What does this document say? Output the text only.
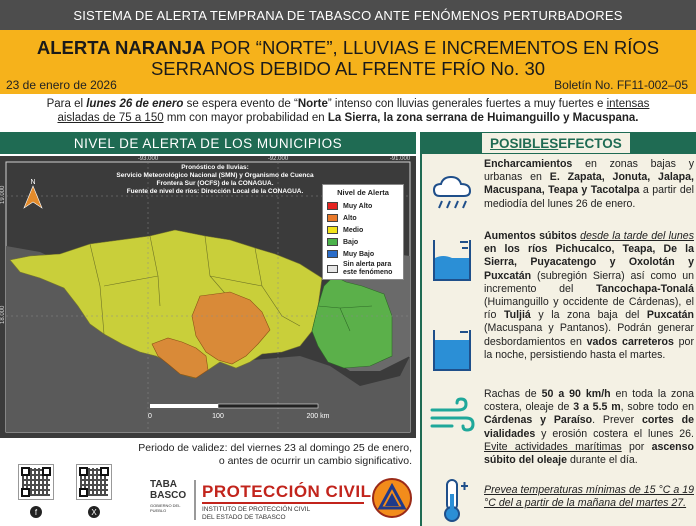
SISTEMA DE ALERTA TEMPRANA DE TABASCO ANTE FENÓMENOS PERTURBADORES
ALERTA NARANJA POR “NORTE”, LLUVIAS E INCREMENTOS EN RÍOS
SERRANOS DEBIDO AL FRENTE FRÍO No. 30
23 de enero de 2026	Boletín No. FF11-002–05
Para el lunes 26 de enero se espera evento de “Norte” intenso con lluvias generales fuertes a muy fuertes e intensas
aisladas de 75 a 150 mm con mayor probabilidad en La Sierra, la zona serrana de Huimanguillo y Macuspana.
NIVEL DE ALERTA DE LOS MUNICIPIOS
-93.000	-92.000	-91.000
19.000
18.000
N
0	100	200 km
Pronóstico de lluvias:
Servicio Meteorológico Nacional (SMN) y Organismo de Cuenca
Frontera Sur (OCFS) de la CONAGUA.
Fuente de nivel de ríos: Dirección Local de la CONAGUA.	Nivel de Alerta
Muy Alto
Alto
Medio
Bajo
Muy Bajo
Sin alerta para este fenómeno
Periodo de validez: del viernes 23 al domingo 25 de enero,
o antes de ocurrir un cambio significativo.
POSIBLES EFECTOS
Encharcamientos en zonas bajas y urbanas en E. Zapata, Jonuta, Jalapa, Macuspana, Teapa y Tacotalpa a partir del mediodía del lunes 26 de enero.
Aumentos súbitos desde la tarde del lunes en los ríos Pichucalco, Teapa, De la Sierra, Puyacatengo y Oxolotán y Puxcatán (subregión Sierra) así como un incremento del Tancochapa-Tonalá (Huimanguillo y occidente de Cárdenas), el río Tuljiá y la zona baja del Puxcatán (Macuspana y Pantanos). Podrán generar desbordamientos en vados carreteros por la noche, persistiendo hasta el martes.
Rachas de 50 a 90 km/h en toda la zona costera, oleaje de 3 a 5.5 m, sobre todo en Cárdenas y Paraíso. Prever cortes de vialidades y erosión costera el lunes 26. Evite actividades marítimas por ascenso súbito del oleaje durante el día.
Prevea temperaturas mínimas de 15 °C a 19 °C del a partir de la mañana del martes 27.
f	X
TABA
BASCO
GOBIERNO DEL PUEBLO
PROTECCIÓN CIVIL
INSTITUTO DE PROTECCIÓN CIVIL
DEL ESTADO DE TABASCO
